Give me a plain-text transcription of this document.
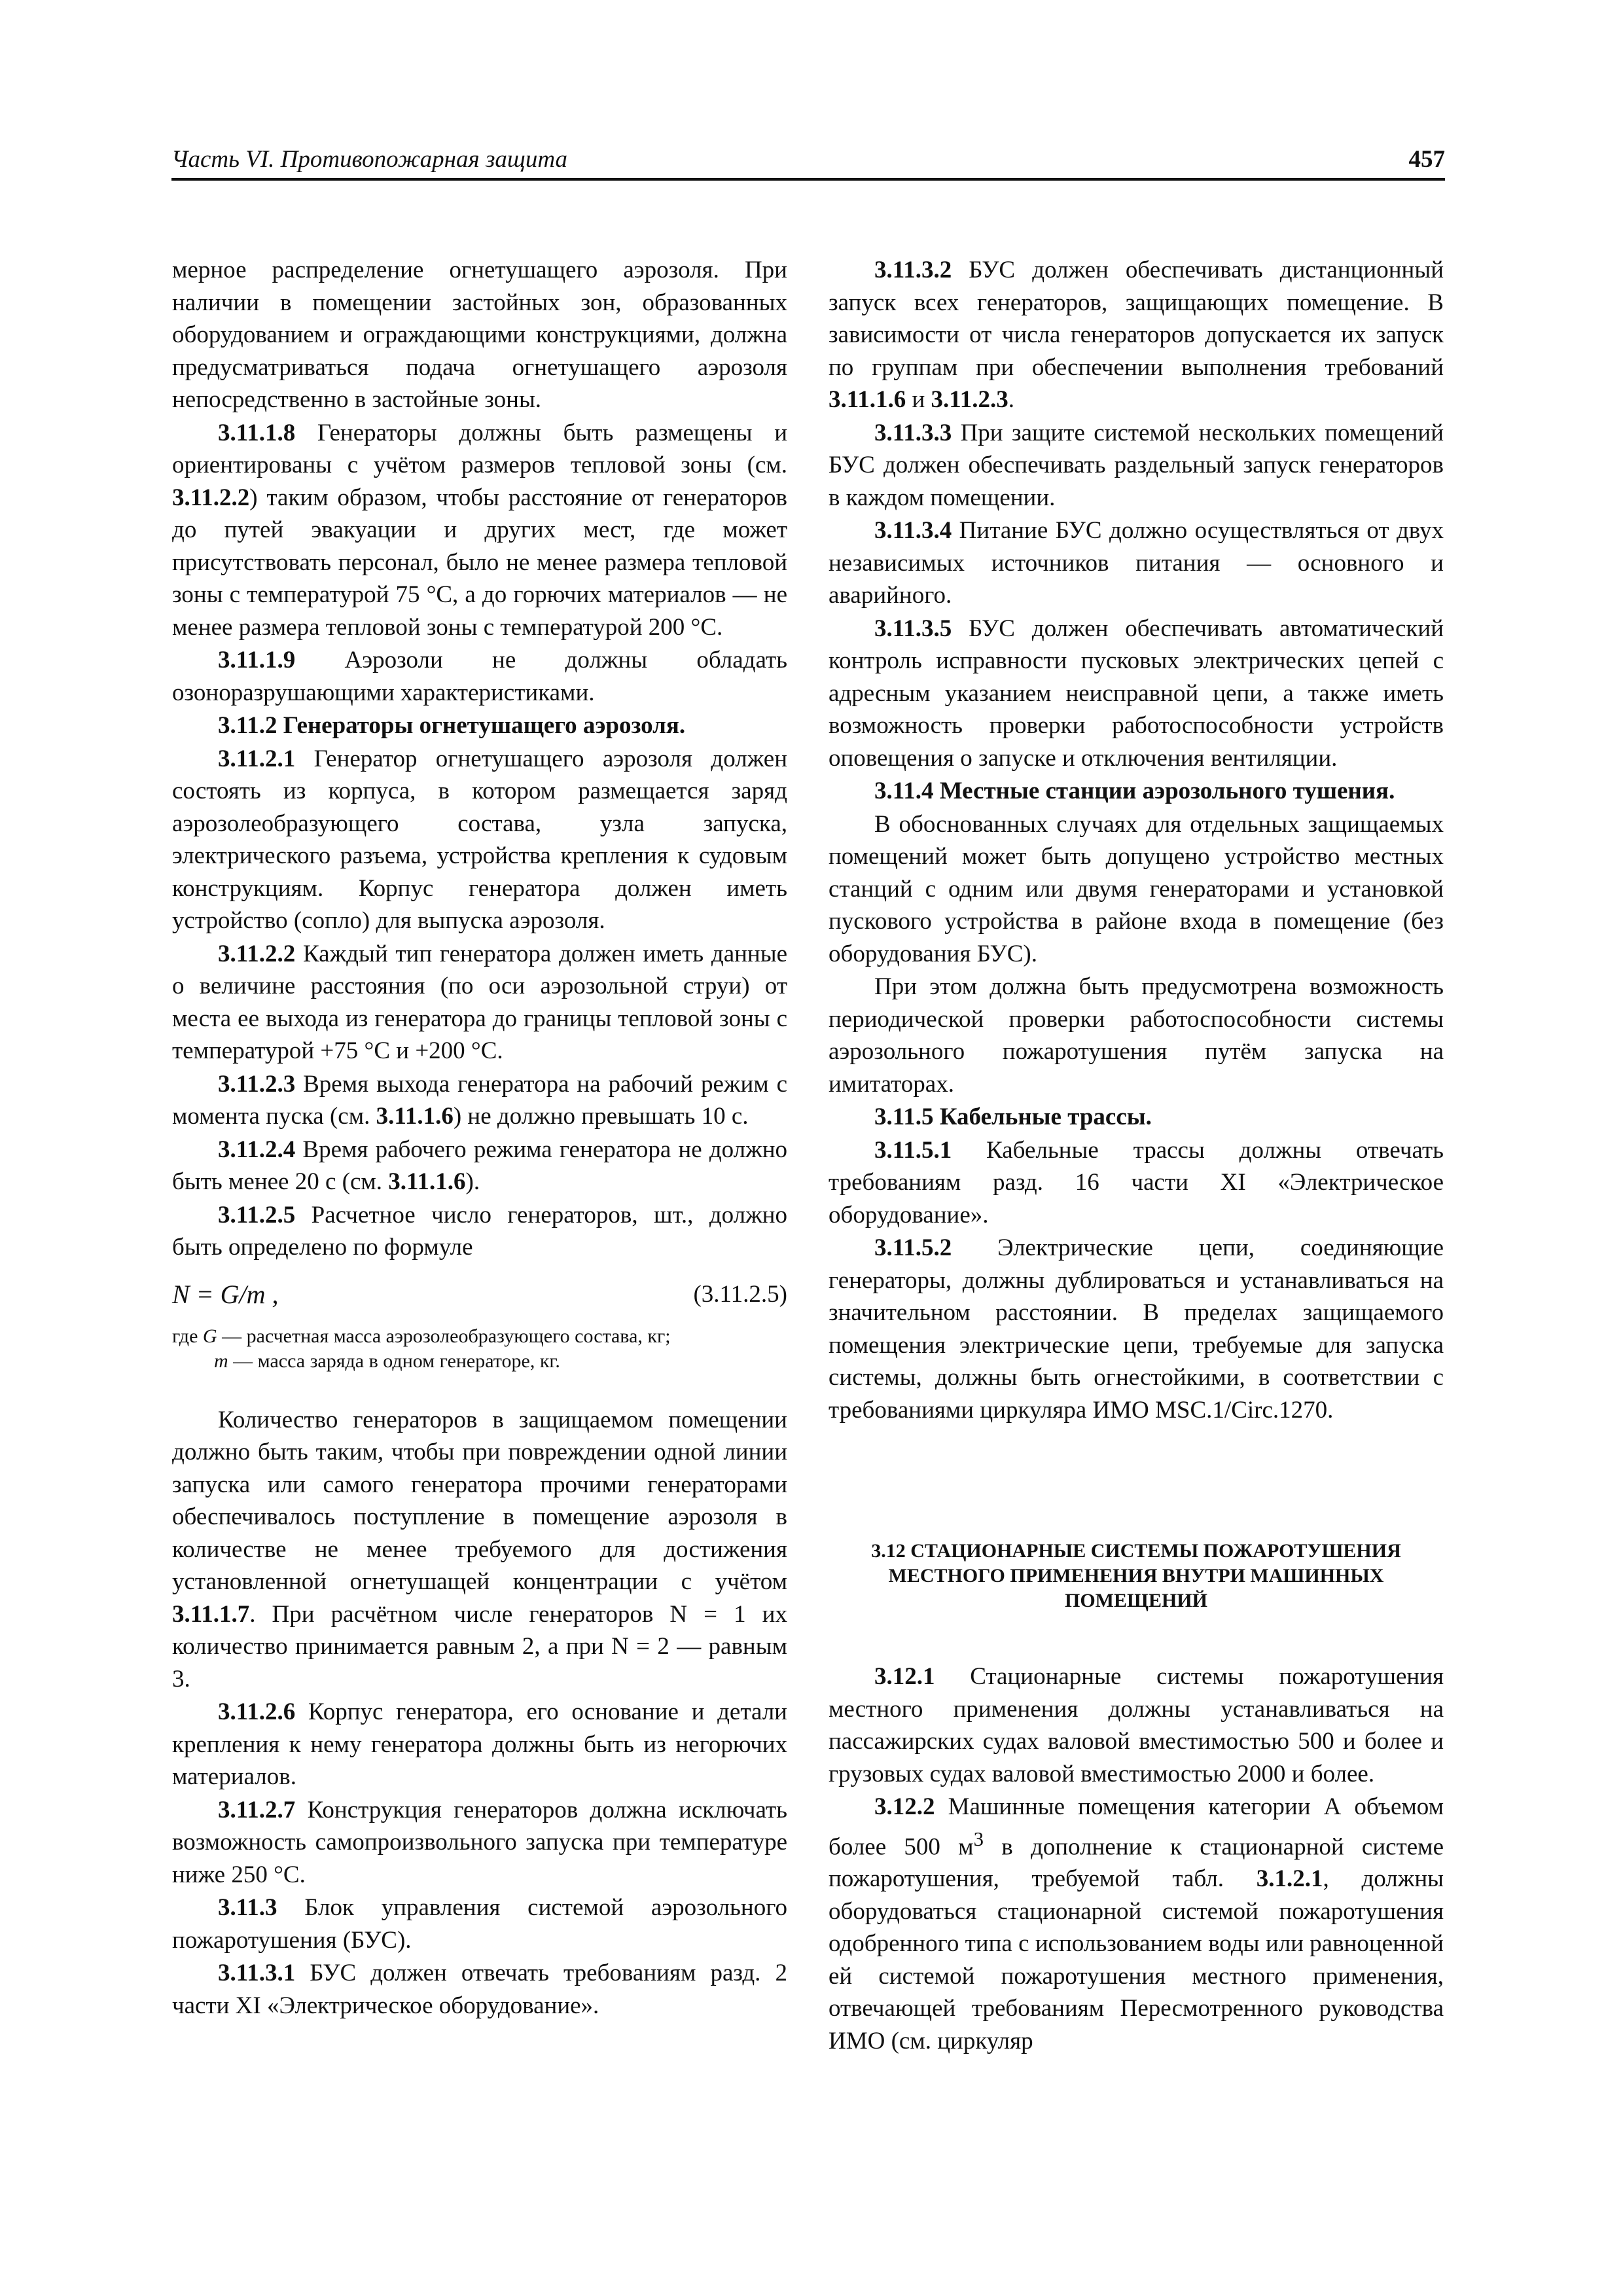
Часть VI. Противопожарная защита	457

мерное распределение огнетушащего аэрозоля. При наличии в помещении застойных зон, образованных оборудованием и ограждающими конструкциями, должна предусматриваться подача огнетушащего аэрозоля непосредственно в застойные зоны.

3.11.1.8 Генераторы должны быть размещены и ориентированы с учётом размеров тепловой зоны (см. 3.11.2.2) таким образом, чтобы расстояние от генераторов до путей эвакуации и других мест, где может присутствовать персонал, было не менее размера тепловой зоны с температурой 75 °С, а до горючих материалов — не менее размера тепловой зоны с температурой 200 °С.

3.11.1.9 Аэрозоли не должны обладать озоноразрушающими характеристиками.

3.11.2 Генераторы огнетушащего аэрозоля.

3.11.2.1 Генератор огнетушащего аэрозоля должен состоять из корпуса, в котором размещается заряд аэрозолеобразующего состава, узла запуска, электрического разъема, устройства крепления к судовым конструкциям. Корпус генератора должен иметь устройство (сопло) для выпуска аэрозоля.

3.11.2.2 Каждый тип генератора должен иметь данные о величине расстояния (по оси аэрозольной струи) от места ее выхода из генератора до границы тепловой зоны с температурой +75 °С и +200 °С.

3.11.2.3 Время выхода генератора на рабочий режим с момента пуска (см. 3.11.1.6) не должно превышать 10 с.

3.11.2.4 Время рабочего режима генератора не должно быть менее 20 с (см. 3.11.1.6).

3.11.2.5 Расчетное число генераторов, шт., должно быть определено по формуле

N = G/m ,	(3.11.2.5)
где G — расчетная масса аэрозолеобразующего состава, кг;
m — масса заряда в одном генераторе, кг.

Количество генераторов в защищаемом помещении должно быть таким, чтобы при повреждении одной линии запуска или самого генератора прочими генераторами обеспечивалось поступление в помещение аэрозоля в количестве не менее требуемого для достижения установленной огнетушащей концентрации с учётом 3.11.1.7. При расчётном числе генераторов N = 1 их количество принимается равным 2, а при N = 2 — равным 3.

3.11.2.6 Корпус генератора, его основание и детали крепления к нему генератора должны быть из негорючих материалов.

3.11.2.7 Конструкция генераторов должна исключать возможность самопроизвольного запуска при температуре ниже 250 °С.

3.11.3 Блок управления системой аэрозольного пожаротушения (БУС).

3.11.3.1 БУС должен отвечать требованиям разд. 2 части XI «Электрическое оборудование».

3.11.3.2 БУС должен обеспечивать дистанционный запуск всех генераторов, защищающих помещение. В зависимости от числа генераторов допускается их запуск по группам при обеспечении выполнения требований 3.11.1.6 и 3.11.2.3.

3.11.3.3 При защите системой нескольких помещений БУС должен обеспечивать раздельный запуск генераторов в каждом помещении.

3.11.3.4 Питание БУС должно осуществляться от двух независимых источников питания — основного и аварийного.

3.11.3.5 БУС должен обеспечивать автоматический контроль исправности пусковых электрических цепей с адресным указанием неисправной цепи, а также иметь возможность проверки работоспособности устройств оповещения о запуске и отключения вентиляции.

3.11.4 Местные станции аэрозольного тушения.

В обоснованных случаях для отдельных защищаемых помещений может быть допущено устройство местных станций с одним или двумя генераторами и установкой пускового устройства в районе входа в помещение (без оборудования БУС).

При этом должна быть предусмотрена возможность периодической проверки работоспособности системы аэрозольного пожаротушения путём запуска на имитаторах.

3.11.5 Кабельные трассы.

3.11.5.1 Кабельные трассы должны отвечать требованиям разд. 16 части XI «Электрическое оборудование».

3.11.5.2 Электрические цепи, соединяющие генераторы, должны дублироваться и устанавливаться на значительном расстоянии. В пределах защищаемого помещения электрические цепи, требуемые для запуска системы, должны быть огнестойкими, в соответствии с требованиями циркуляра ИМО MSC.1/Circ.1270.

3.12 СТАЦИОНАРНЫЕ СИСТЕМЫ ПОЖАРОТУШЕНИЯ МЕСТНОГО ПРИМЕНЕНИЯ ВНУТРИ МАШИННЫХ ПОМЕЩЕНИЙ

3.12.1 Стационарные системы пожаротушения местного применения должны устанавливаться на пассажирских судах валовой вместимостью 500 и более и грузовых судах валовой вместимостью 2000 и более.

3.12.2 Машинные помещения категории А объемом более 500 $м^3$ в дополнение к стационарной системе пожаротушения, требуемой табл. 3.1.2.1, должны оборудоваться стационарной системой пожаротушения одобренного типа с использованием воды или равноценной ей системой пожаротушения местного применения, отвечающей требованиям Пересмотренного руководства ИМО (см. циркуляр
